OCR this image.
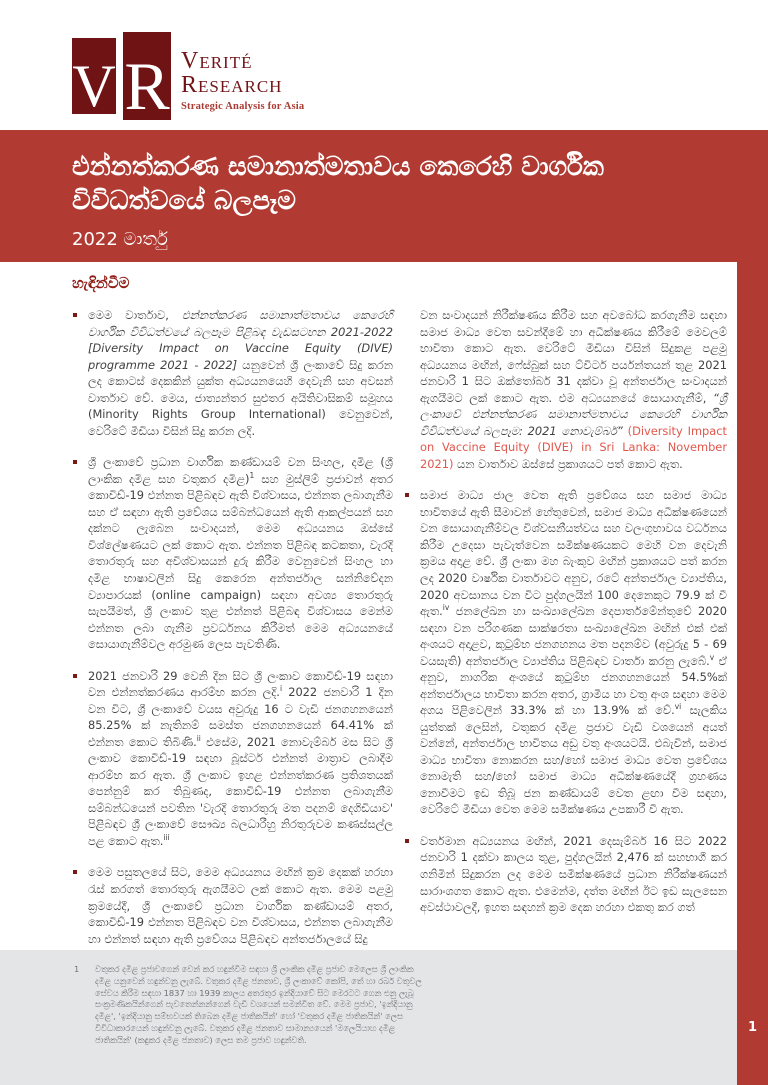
V R Verité
Research
Strategic Analysis for Asia
එන්නත්කරණ සමානාත්මතාවය කෙරෙහි වාර්ගික
විවිධත්වයේ බලපෑම
2022 මාර්තු
1
හැඳින්වීම
මෙම වාර්තාව, එන්නත්කරණ සමානාත්මතාවය කෙරෙහි වාර්ගික විවිධත්වයේ බලපෑම පිළිබඳ වැඩසටහන 2021-2022 [Diversity Impact on Vaccine Equity (DIVE) programme 2021 - 2022] යනුවෙන් ශ්‍රී ලංකාවේ සිදු කරන ලද කොටස් දෙකකින් යුක්ත අධ්‍යයනයෙහි දෙවැනි සහ අවසන් වාර්තාව වේ. මෙය, ජාත්‍යන්තර සුළුතර අයිතිවාසිකම් සමූහය (Minority Rights Group International) වෙනුවෙන්, වෙරිටේ මීඩියා විසින් සිදු කරන ලදි.
ශ්‍රී ලංකාවේ ප්‍රධාන වාර්ගික කණ්ඩායම් වන සිංහල, දමිළ (ශ්‍රී ලාංකික දමිළ සහ වතුකර දමිළ)$^1$ සහ මුස්ලිම් ප්‍රජාවන් අතර කොවිඩ්-19 එන්නත පිළිබඳව ඇති විශ්වාසය, එන්නත ලබාගැනීම සහ ඒ සඳහා ඇති ප්‍රවේශය සම්බන්ධයෙන් ඇති ආකල්පයන් සහ දක්නට ලැබෙන සංවාදයන්, මෙම අධ්‍යයනය ඔස්සේ විශ්ලේෂණයට ලක් කොට ඇත. එන්නත පිළිබඳ කටකතා, වැරදි තොරතුරු සහ අවිශ්වාසයන් දුරු කිරීම වෙනුවෙන් සිංහල හා දමිළ භාෂාවලින් සිදු කෙරෙන අන්තර්ජාල සන්නිවේදන ව්‍යාපාරයක් (online campaign) සඳහා අවශ්‍ය තොරතුරු සැපයීමත්, ශ්‍රී ලංකාව තුළ එන්නත් පිළිබඳ විශ්වාසය මෙන්ම එන්නත ලබා ගැනීම ප්‍රවර්ධනය කිරීමත් මෙම අධ්‍යයනයේ සොයාගැනීම්වල අරමුණ ලෙස පැවතිණි.
2021 ජනවාරි 29 වෙනි දින සිට ශ්‍රී ලංකාව කොවිඩ්-19 සඳහා වන එන්නත්කරණය ආරම්භ කරන ලදි.$^i$ 2022 ජනවාරි 1 දින වන විට, ශ්‍රී ලංකාවේ වයස අවුරුදු 16 ට වැඩි ජනගහනයෙන් 85.25% ක් නැතිනම් සමස්ත ජනගහනයෙන් 64.41% ක් එන්නත කොට තිබිණි.$^{ii}$ එසේම, 2021 නොවැම්බර් මස සිට ශ්‍රී ලංකාව කොවිඩ්-19 සඳහා බූස්ටර් එන්නත් මාත්‍රාව ලබාදීම ආරම්භ කර ඇත. ශ්‍රී ලංකාව ඉහළ එන්නත්කරණ ප්‍රතිශතයක් පෙන්නුම් කර තිබුණද, කොවිඩ්-19 එන්නත ලබාගැනීම සම්බන්ධයෙන් පවතින 'වැරදි තොරතුරු මත පදනම් දෙගිඩියාව' පිළිබඳව ශ්‍රී ලංකාවේ සෞඛ්‍ය බලධාරීහු නිරතුරුවම කණස්සල්ල පළ කොට ඇත.$^{iii}$
මෙම පසුතලයේ සිට, මෙම අධ්‍යයනය මඟින් ක්‍රම දෙකක් හරහා රැස් කරගත් තොරතුරු ඇගයීමට ලක් කොට ඇත. මෙම පළමු ක්‍රමයේදී, ශ්‍රී ලංකාවේ ප්‍රධාන වාර්ගික කණ්ඩායම් අතර, කොවිඩ්-19 එන්නත පිළිබඳව වන විශ්වාසය, එන්නත ලබාගැනීම හා එන්නත් සඳහා ඇති ප්‍රවේශය පිළිබඳව අන්තර්ජාලයේ සිදු
වන සංවාදයන් නිරීක්ෂණය කිරීම සහ අවබෝධ කරගැනීම සඳහා සමාජ මාධ්‍ය වෙත සවන්දීමේ හා අධීක්ෂණය කිරීමේ මෙවලම් භාවිතා කොට ඇත. වෙරිටේ මීඩියා විසින් සිදුකළ පළමු අධ්‍යයනය මඟින්, ෆේස්බුක් සහ ට්විටර් පර්යන්තයන් තුළ 2021 ජනවාරි 1 සිට ඔක්තෝබර් 31 දක්වා වූ අන්තර්ජාල සංවාදයන් ඇගයීමට ලක් කොට ඇත. එම අධ්‍යයනයේ සොයාගැනීම්, “ශ්‍රී ලංකාවේ එන්නත්කරණ සමානාත්මතාවය කෙරෙහි වාර්ගික විවිධත්වයේ බලපෑම: 2021 නොවැම්බර්” (Diversity Impact on Vaccine Equity (DIVE) in Sri Lanka: November 2021) යන වාර්තාව ඔස්සේ ප්‍රකාශයට පත් කොට ඇත.
සමාජ මාධ්‍ය ජාල වෙත ඇති ප්‍රවේශය සහ සමාජ මාධ්‍ය භාවිතයේ ඇති සීමාවන් හේතුවෙන්, සමාජ මාධ්‍ය අධීක්ෂණයෙන් වන සොයාගැනීම්වල විශ්වසනීයත්වය සහ වලංගුභාවය වර්ධනය කිරීම උදෙසා පැවැත්වෙන සමීක්ෂණයකට මෙහි වන දෙවැනි ක්‍රමය අදාළ වේ. ශ්‍රී ලංකා මහ බැංකුව මඟින් ප්‍රකාශයට පත් කරන ලද 2020 වාර්ෂික වාර්තාවට අනුව, රටේ අන්තර්ජාල ව්‍යාප්තිය, 2020 අවසානය වන විට පුද්ගලයින් 100 දෙනෙකුට 79.9 ක් වී ඇත.$^{iv}$ ජනලේඛන හා සංඛ්‍යාලේඛන දෙපාර්තමේන්තුවේ 2020 සඳහා වන පරිගණක සාක්ෂරතා සංඛ්‍යාලේඛන මඟින් එක් එක් අංශයට අදාළව, කුටුම්භ ජනගහනය මත පදනම්ව (අවුරුදු 5 - 69 වයසැති) අන්තර්ජාල ව්‍යාප්තිය පිළිබඳව වාර්තා කරනු ලැබේ.$^v$ ඒ අනුව, නාගරික අංශයේ කුටුම්භ ජනගහනයෙන් 54.5%ක් අන්තර්ජාලය භාවිතා කරන අතර, ග්‍රාමීය හා වතු අංශ සඳහා මෙම අගය පිළිවෙලින් 33.3% ක් හා 13.9% ක් වේ.$^{vi}$ සැලකිය යුත්තක් ලෙසින්, වතුකර දමිළ ප්‍රජාව වැඩි වශයෙන් අයත් වන්නේ, අන්තර්ජාල භාවිතය අඩු වතු අංශයටයි. එබැවින්, සමාජ මාධ්‍ය භාවිතා නොකරන සහ/හෝ සමාජ මාධ්‍ය වෙත ප්‍රවේශය නොමැති සහ/හෝ සමාජ මාධ්‍ය අධීක්ෂණයේදී ග්‍රහණය නොවීමට ඉඩ තිබූ ජන කණ්ඩායම් වෙත ළඟා වීම සඳහා, වෙරිටේ මීඩියා වෙත මෙම සමීක්ෂණය උපකාරී වී ඇත.
වර්තමාන අධ්‍යයනය මඟින්, 2021 දෙසැම්බර් 16 සිට 2022 ජනවාරි 1 දක්වා කාලය තුළ, පුද්ගලයින් 2,476 ක් සහභාගී කර ගනිමින් සිදුකරන ලද මෙම සමීක්ෂණයේ ප්‍රධාන නිරීක්ෂණයන් සාරාංශගත කොට ඇත. එමෙන්ම, දත්ත මඟින් ඊට ඉඩ සැලසෙන අවස්ථාවලදී, ඉහත සඳහන් ක්‍රම දෙක හරහා එකතු කර ගත්
1	වතුකර දමිළ ප්‍රජාවගෙන් වෙන් කර හඳුන්වීම සඳහා ශ්‍රී ලාංකික දමිළ ප්‍රජාව මෙලෙස ශ්‍රී ලාංකික දමිළ යනුවෙන් හඳුන්වනු ලැබේ. වතුකර දමිළ ජනතාව, ශ්‍රී ලංකාවේ කෝපි, තේ හා රබර් වතුවල සේවය කිරීම සඳහා 1837 හා 1939 කාලය අතරතුර ඉන්දියාවේ සිට මෙරටට ගෙන එනු ලැබූ සංක්‍රමණිකයින්ගෙන් පැවතෙන්නන්ගෙන් වැඩි වශයෙන් සමන්විත වේ. මෙම ප්‍රජාව, 'ඉන්දියානු දමිළ', 'ඉන්දියානු සම්භවයක් තිබෙන දමිළ ජාතිකයින්' හෝ 'වතුකර දමිළ ජාතිකයින්' ලෙස විවිධාකාරයෙන් හඳුන්වනු ලැබේ. වතුකර දමිළ ජනතාව සාමාන්‍යයෙන් 'මලෙයියාහ දමිළ ජාතිකයින්' (කඳුකර දමිළ ජනතාව) ලෙස තම ප්‍රජාව හඳුන්වති.
